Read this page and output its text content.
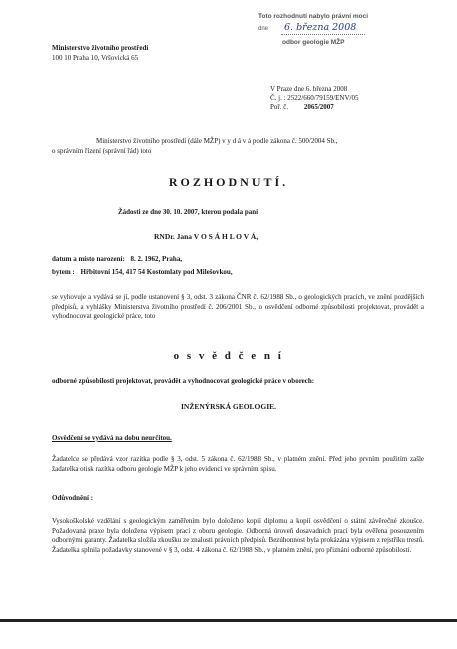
Ministerstvo životního prostředí
100 10 Praha 10, Vršovická 65
Toto rozhodnutí nabylo právní moci
dne 6. března 2008
odbor geologie MŽP
V Praze dne 6. března 2008
Č. j. : 2522/660/79159/ENV/05
Poř. č. 2065/2007
Ministerstvo životního prostředí (dále MŽP) v y d á v á podle zákona č. 500/2004 Sb.,
o správním řízení (správní řád) toto
ROZHODNUTÍ.
Žádosti ze dne 30. 10. 2007, kterou podala paní
RNDr. Jana V O S Á H L O V Á,
datum a místo narození: 8. 2. 1962, Praha,
bytem : Hřbitovní 154, 417 54 Kostomlaty pod Milešovkou,

se vyhovuje a vydává se jí, podle ustanovení § 3, odst. 3 zákona ČNR č. 62/1988 Sb., o geologických pracích, ve znění pozdějších předpisů, a vyhlášky Ministerstva životního prostředí č. 206/2001 Sb., o osvědčení odborné způsobilosti projektovat, provádět a vyhodnocovat geologické práce, toto

o s v ě d č e n í
odborné způsobilosti projektovat, provádět a vyhodnocovat geologické práce v oborech:
INŽENÝRSKÁ GEOLOGIE.
Osvědčení se vydává na dobu neurčitou.

Žadatelce se předává vzor razítka podle § 3, odst. 5 zákona č. 62/1988 Sb., v platném znění. Před jeho prvním použitím zašle žadatelka otisk razítka odboru geologie MŽP k jeho evidenci ve správním spisu.

Odůvodnění :

Vysokoškolské vzdělání s geologickým zaměřením bylo doloženo kopií diplomu a kopií osvědčení o státní závěrečné zkoušce. Požadovaná praxe byla doložena výpisem prací z oboru geologie. Odborná úroveň dosavadních prací byla ověřena posouzením odbornými garanty. Žadatelka složila zkoušku ze znalosti právních předpisů. Bezúhonnost byla prokázána výpisem z rejstříku trestů. Žadatelka splnila požadavky stanovené v § 3, odst. 4 zákona č. 62/1988 Sb., v platném znění, pro přiznání odborné způsobilosti.
